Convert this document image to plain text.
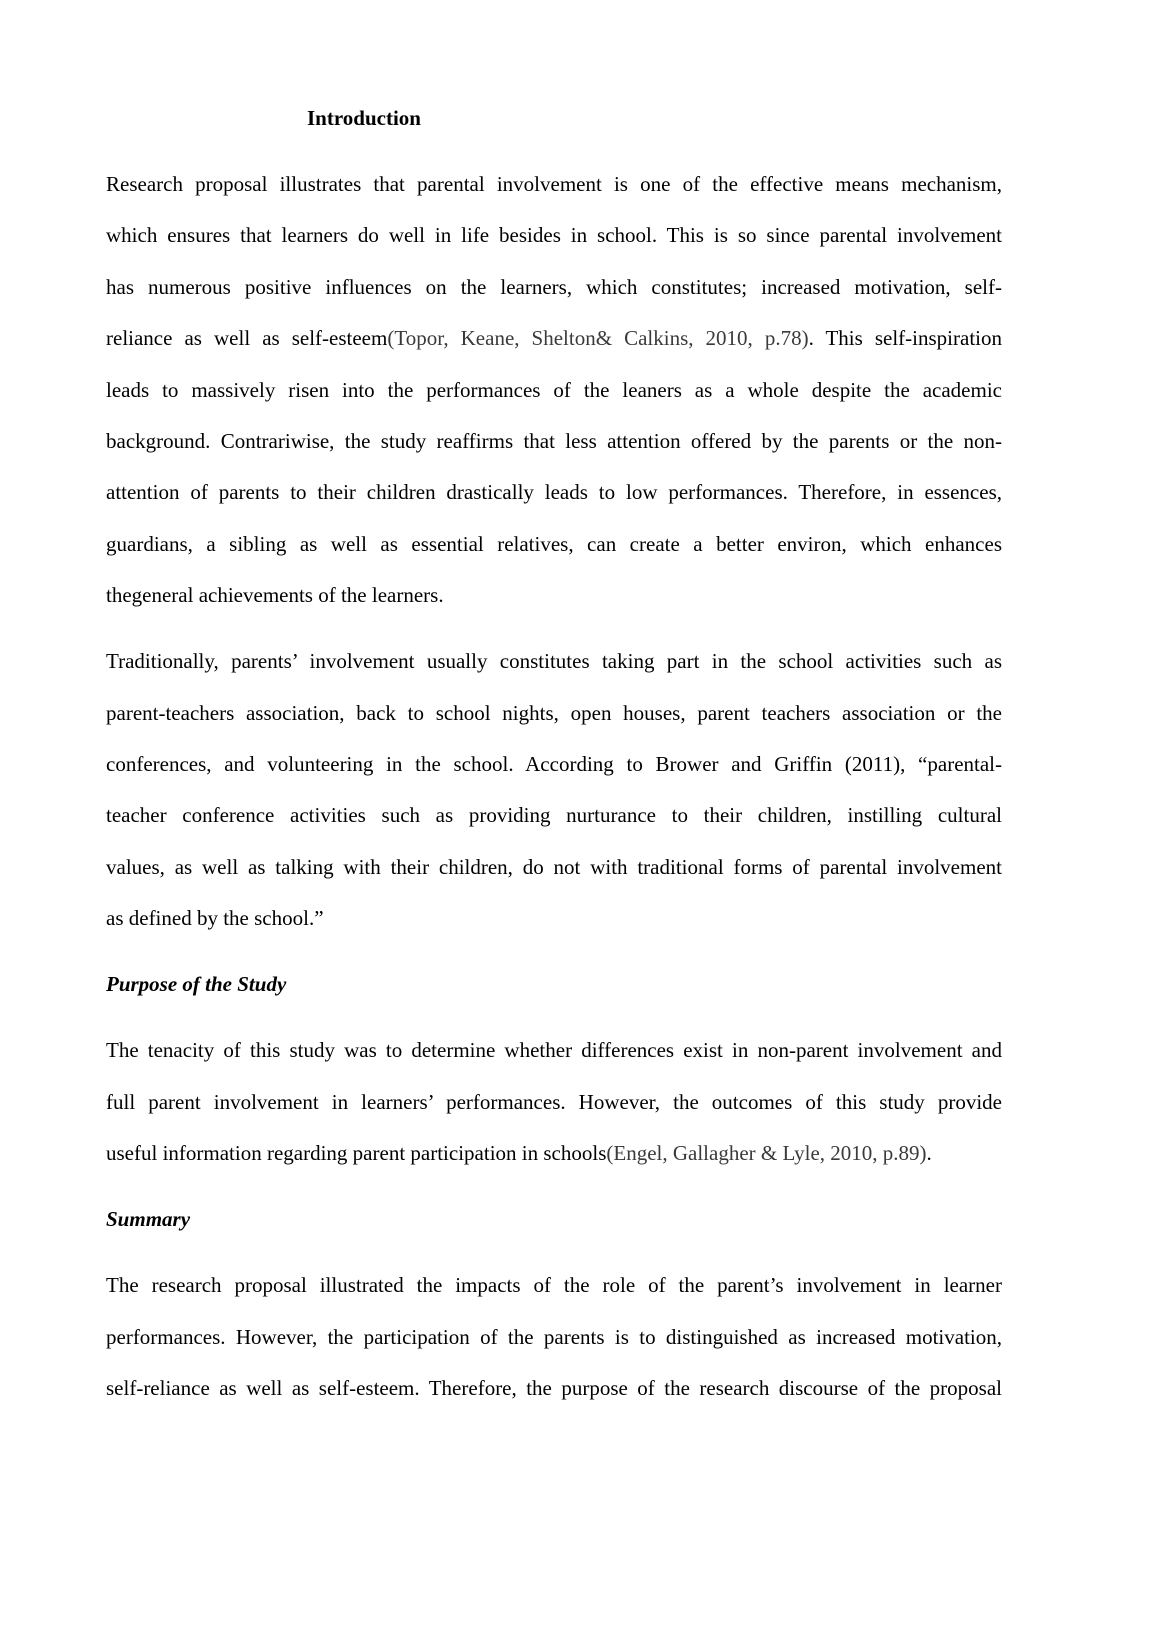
Introduction
Research proposal illustrates that parental involvement is one of the effective means mechanism,
which ensures that learners do well in life besides in school. This is so since parental involvement
has numerous positive influences on the learners, which constitutes; increased motivation, self-
reliance as well as self-esteem(Topor, Keane, Shelton& Calkins, 2010, p.78). This self-inspiration
leads to massively risen into the performances of the leaners as a whole despite the academic
background. Contrariwise, the study reaffirms that less attention offered by the parents or the non-
attention of parents to their children drastically leads to low performances. Therefore, in essences,
guardians, a sibling as well as essential relatives, can create a better environ, which enhances
thegeneral achievements of the learners.
Traditionally, parents’ involvement usually constitutes taking part in the school activities such as
parent-teachers association, back to school nights, open houses, parent teachers association or the
conferences, and volunteering in the school. According to Brower and Griffin (2011), “parental-
teacher conference activities such as providing nurturance to their children, instilling cultural
values, as well as talking with their children, do not with traditional forms of parental involvement
as defined by the school.”
Purpose of the Study
The tenacity of this study was to determine whether differences exist in non-parent involvement and
full parent involvement in learners’ performances. However, the outcomes of this study provide
useful information regarding parent participation in schools(Engel, Gallagher & Lyle, 2010, p.89).
Summary
The research proposal illustrated the impacts of the role of the parent’s involvement in learner
performances. However, the participation of the parents is to distinguished as increased motivation,
self-reliance as well as self-esteem. Therefore, the purpose of the research discourse of the proposal
